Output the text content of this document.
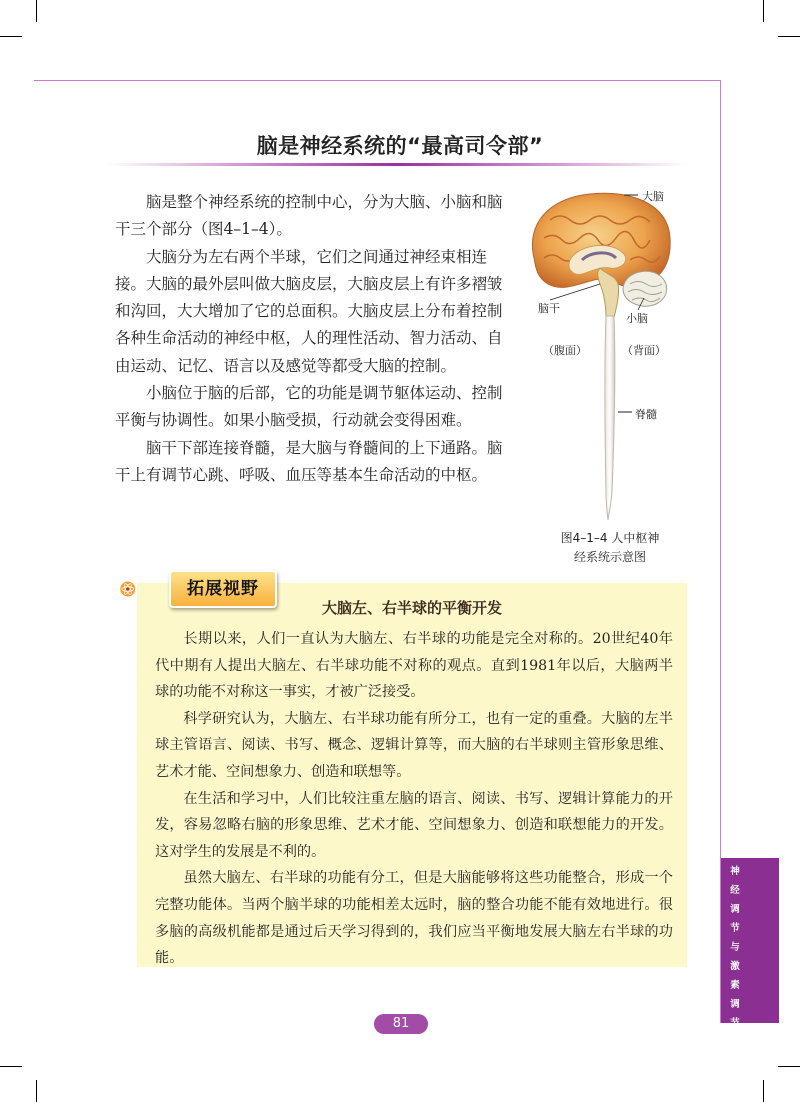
脑是神经系统的“最高司令部”

脑是整个神经系统的控制中心，分为大脑、小脑和脑干三个部分（图4–1–4）。

大脑分为左右两个半球，它们之间通过神经束相连接。大脑的最外层叫做大脑皮层，大脑皮层上有许多褶皱和沟回，大大增加了它的总面积。大脑皮层上分布着控制各种生命活动的神经中枢，人的理性活动、智力活动、自由运动、记忆、语言以及感觉等都受大脑的控制。

小脑位于脑的后部，它的功能是调节躯体运动、控制平衡与协调性。如果小脑受损，行动就会变得困难。

脑干下部连接脊髓，是大脑与脊髓间的上下通路。脑干上有调节心跳、呼吸、血压等基本生命活动的中枢。

大脑
脑干
小脑
（腹面）	（背面）
脊髓
图4–1–4 人中枢神
经系统示意图
拓展视野
大脑左、右半球的平衡开发

长期以来，人们一直认为大脑左、右半球的功能是完全对称的。20世纪40年代中期有人提出大脑左、右半球功能不对称的观点。直到1981年以后，大脑两半球的功能不对称这一事实，才被广泛接受。

科学研究认为，大脑左、右半球功能有所分工，也有一定的重叠。大脑的左半球主管语言、阅读、书写、概念、逻辑计算等，而大脑的右半球则主管形象思维、艺术才能、空间想象力、创造和联想等。

在生活和学习中，人们比较注重左脑的语言、阅读、书写、逻辑计算能力的开发，容易忽略右脑的形象思维、艺术才能、空间想象力、创造和联想能力的开发。这对学生的发展是不利的。

虽然大脑左、右半球的功能有分工，但是大脑能够将这些功能整合，形成一个完整功能体。当两个脑半球的功能相差太远时，脑的整合功能不能有效地进行。很多脑的高级机能都是通过后天学习得到的，我们应当平衡地发展大脑左右半球的功能。

神
经
调
节
与
激
素
调
节
81
